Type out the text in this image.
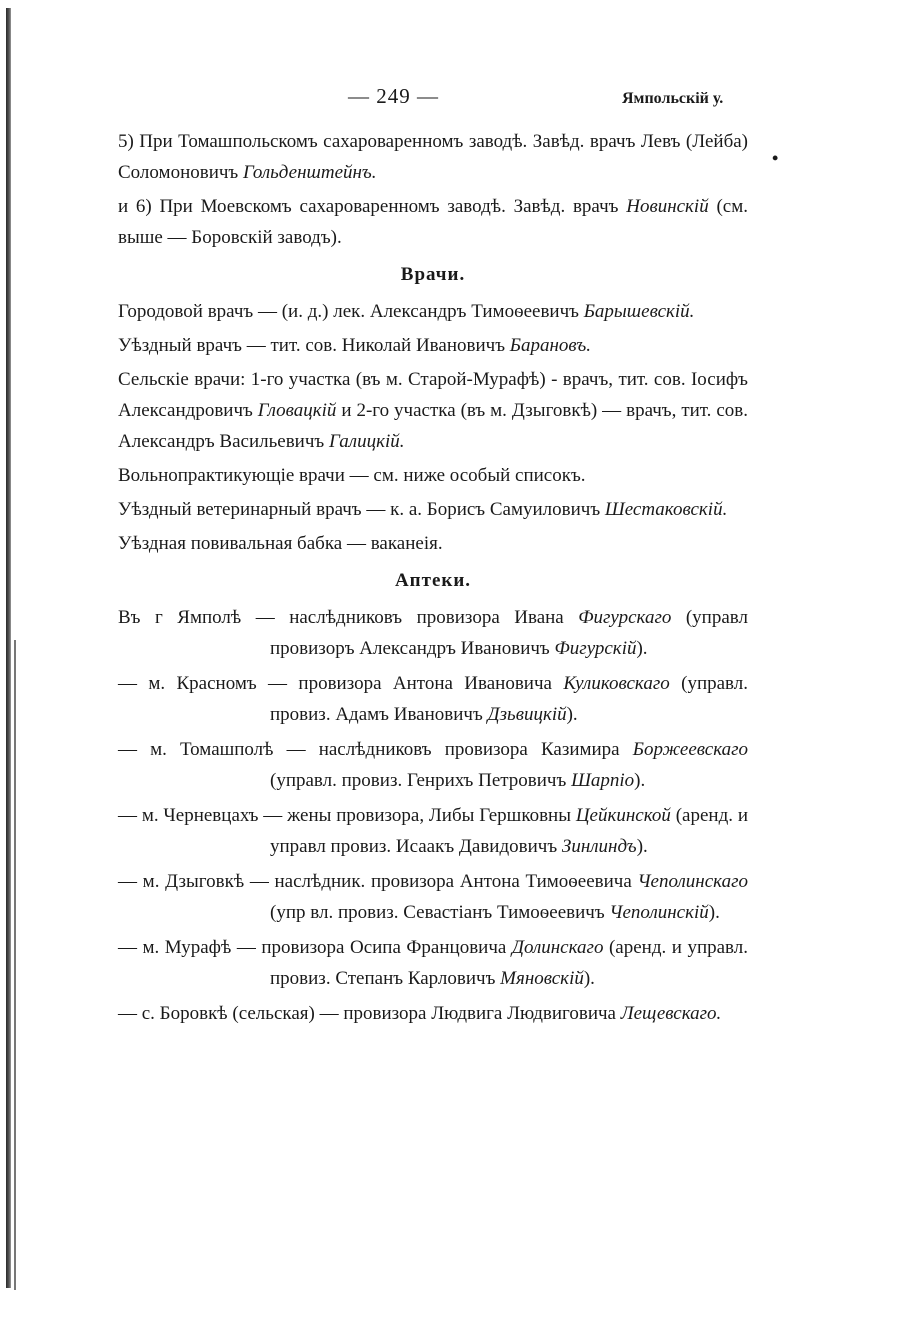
— 249 —	Ямпольскій у.
•

5) При Томашпольскомъ сахароваренномъ заводѣ. Завѣд. врачъ Левъ (Лейба) Соломоновичъ Гольденштейнъ.

и 6) При Моевскомъ сахароваренномъ заводѣ. Завѣд. врачъ Новинскій (см. выше — Боровскій заводъ).

Врачи.

Городовой врачъ — (и. д.) лек. Александръ Тимоѳеевичъ Барышевскій.

Уѣздный врачъ — тит. сов. Николай Ивановичъ Барановъ.

Сельскіе врачи: 1-го участка (въ м. Старой-Мурафѣ) - врачъ, тит. сов. Іосифъ Александровичъ Гловацкій и 2-го участка (въ м. Дзыговкѣ) — врачъ, тит. сов. Александръ Васильевичъ Галицкій.

Вольнопрактикующіе врачи — см. ниже особый списокъ.

Уѣздный ветеринарный врачъ — к. а. Борисъ Самуиловичъ Шестаковскій.

Уѣздная повивальная бабка — ваканеія.

Аптеки.

Въ г Ямполѣ — наслѣдниковъ провизора Ивана Фигурскаго (управл провизоръ Александръ Ивановичъ Фигурскій).

— м. Красномъ — провизора Антона Ивановича Куликовскаго (управл. провиз. Адамъ Ивановичъ Дзьвицкій).

— м. Томашполѣ — наслѣдниковъ провизора Казимира Боржеевскаго (управл. провиз. Генрихъ Петровичъ Шарпіо).

— м. Черневцахъ — жены провизора, Либы Гершковны Цейкинской (аренд. и управл провиз. Исаакъ Давидовичъ Зинлиндъ).

— м. Дзыговкѣ — наслѣдник. провизора Антона Тимоѳеевича Чеполинскаго (упр вл. провиз. Севастіанъ Тимоѳеевичъ Чеполинскій).

— м. Мурафѣ — провизора Осипа Францовича Долинскаго (аренд. и управл. провиз. Степанъ Карловичъ Мяновскій).

— с. Боровкѣ (сельская) — провизора Людвига Людвиговича Лещевскаго.
